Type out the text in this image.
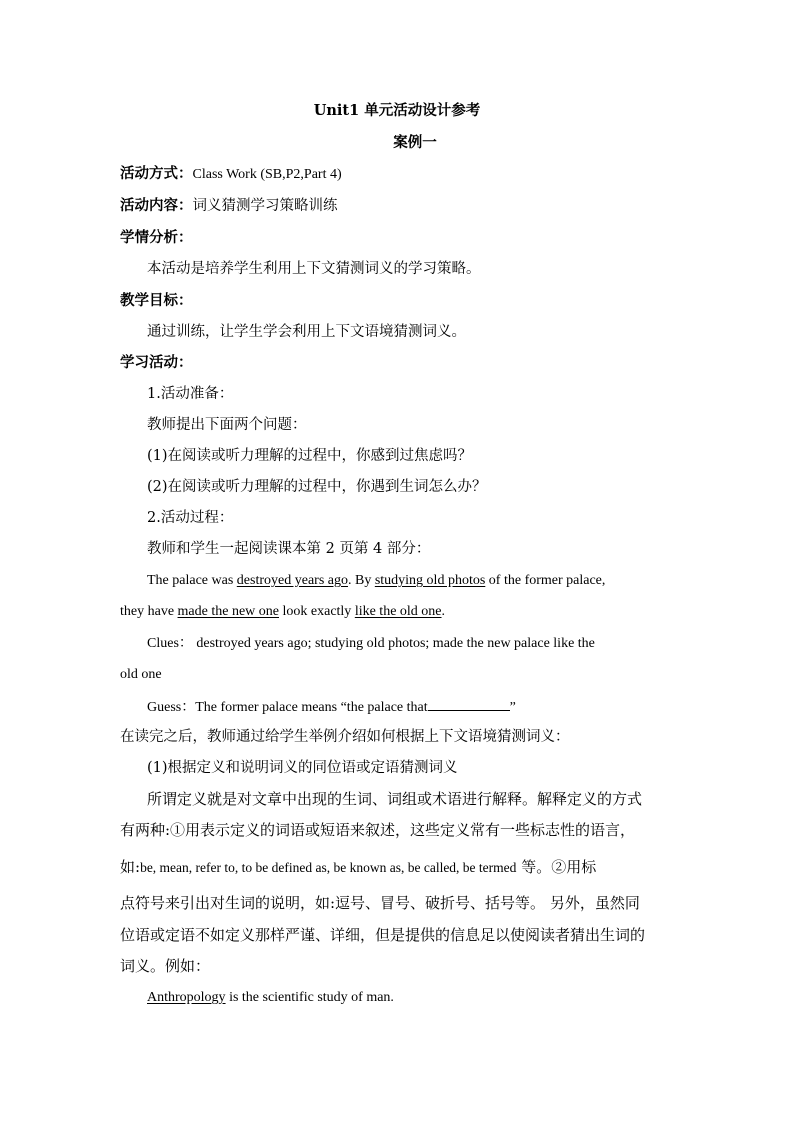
Unit1 单元活动设计参考
案例一
活动方式：Class Work (SB,P2,Part 4)
活动内容：词义猜测学习策略训练
学情分析：
本活动是培养学生利用上下文猜测词义的学习策略。
教学目标：
通过训练，让学生学会利用上下文语境猜测词义。
学习活动：
1.活动准备：
教师提出下面两个问题：
(1)在阅读或听力理解的过程中，你感到过焦虑吗？
(2)在阅读或听力理解的过程中，你遇到生词怎么办？
2.活动过程：
教师和学生一起阅读课本第 2 页第 4 部分：
The palace was destroyed years ago. By studying old photos of the former palace,
they have made the new one look exactly like the old one.
Clues： destroyed years ago; studying old photos; made the new palace like the
old one
Guess：The former palace means “the palace that	”
在读完之后，教师通过给学生举例介绍如何根据上下文语境猜测词义：
(1)根据定义和说明词义的同位语或定语猜测词义
所谓定义就是对文章中出现的生词、词组或术语进行解释。解释定义的方式
有两种:①用表示定义的词语或短语来叙述，这些定义常有一些标志性的语言，
如:be, mean, refer to, to be defined as, be known as, be called, be termed 等。②用标
点符号来引出对生词的说明，如:逗号、冒号、破折号、括号等。 另外，虽然同
位语或定语不如定义那样严谨、详细，但是提供的信息足以使阅读者猜出生词的
词义。例如：
Anthropology is the scientific study of man.
